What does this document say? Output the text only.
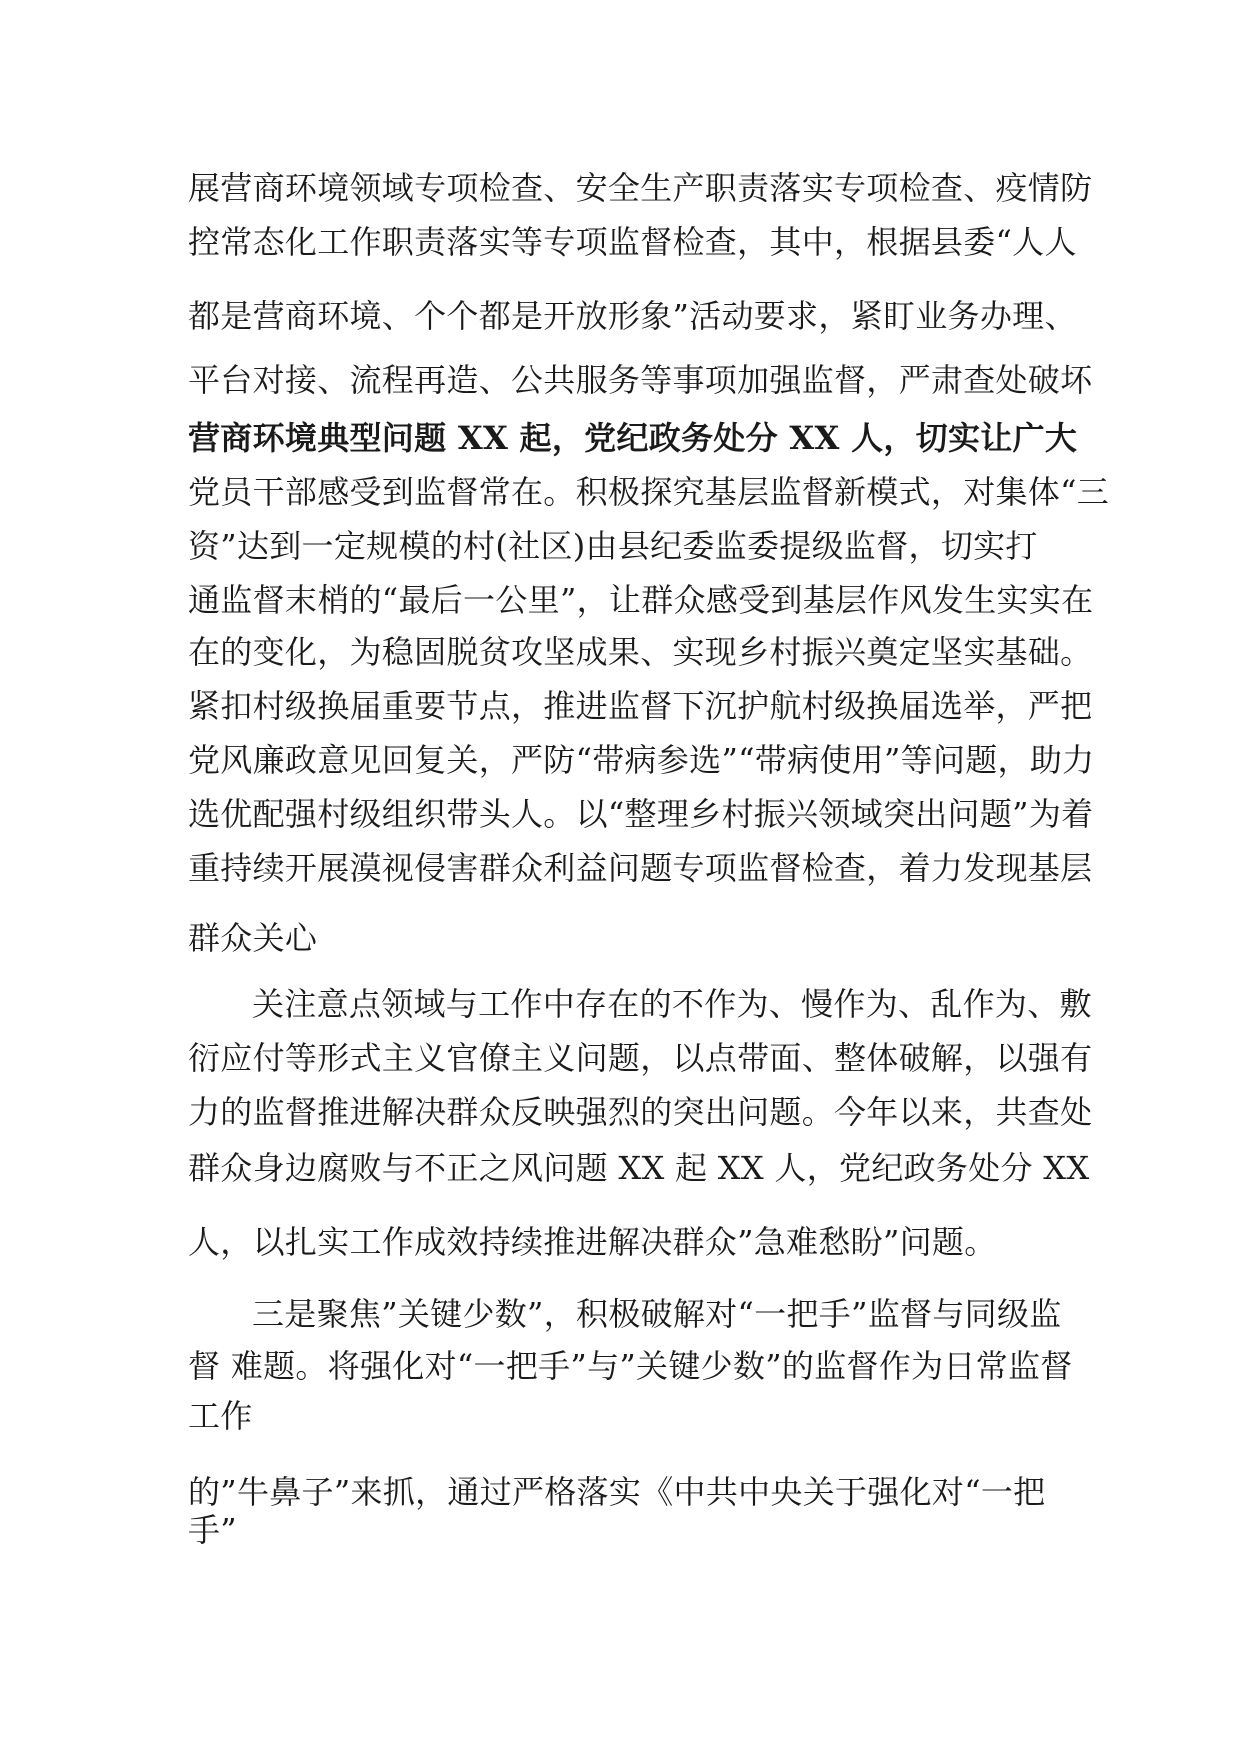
展营商环境领域专项检查、安全生产职责落实专项检查、疫情防
控常态化工作职责落实等专项监督检查，其中，根据县委“人人
都是营商环境、个个都是开放形象”活动要求，紧盯业务办理、
平台对接、流程再造、公共服务等事项加强监督，严肃查处破坏
营商环境典型问题 XX 起，党纪政务处分 XX 人，切实让广大
党员干部感受到监督常在。积极探究基层监督新模式，对集体“三
资”达到一定规模的村(社区)由县纪委监委提级监督，切实打
通监督末梢的“最后一公里”，让群众感受到基层作风发生实实在
在的变化，为稳固脱贫攻坚成果、实现乡村振兴奠定坚实基础。
紧扣村级换届重要节点，推进监督下沉护航村级换届选举，严把
党风廉政意见回复关，严防“带病参选”“带病使用”等问题，助力
选优配强村级组织带头人。以“整理乡村振兴领域突出问题”为着
重持续开展漠视侵害群众利益问题专项监督检查，着力发现基层
群众关心
关注意点领域与工作中存在的不作为、慢作为、乱作为、敷
衍应付等形式主义官僚主义问题，以点带面、整体破解，以强有
力的监督推进解决群众反映强烈的突出问题。今年以来，共查处
群众身边腐败与不正之风问题 XX 起 XX 人，党纪政务处分 XX
人，以扎实工作成效持续推进解决群众”急难愁盼”问题。
三是聚焦”关键少数”，积极破解对“一把手”监督与同级监
督 难题。将强化对“一把手”与”关键少数”的监督作为日常监督
工作
的”牛鼻子”来抓，通过严格落实《中共中央关于强化对“一把
手”
